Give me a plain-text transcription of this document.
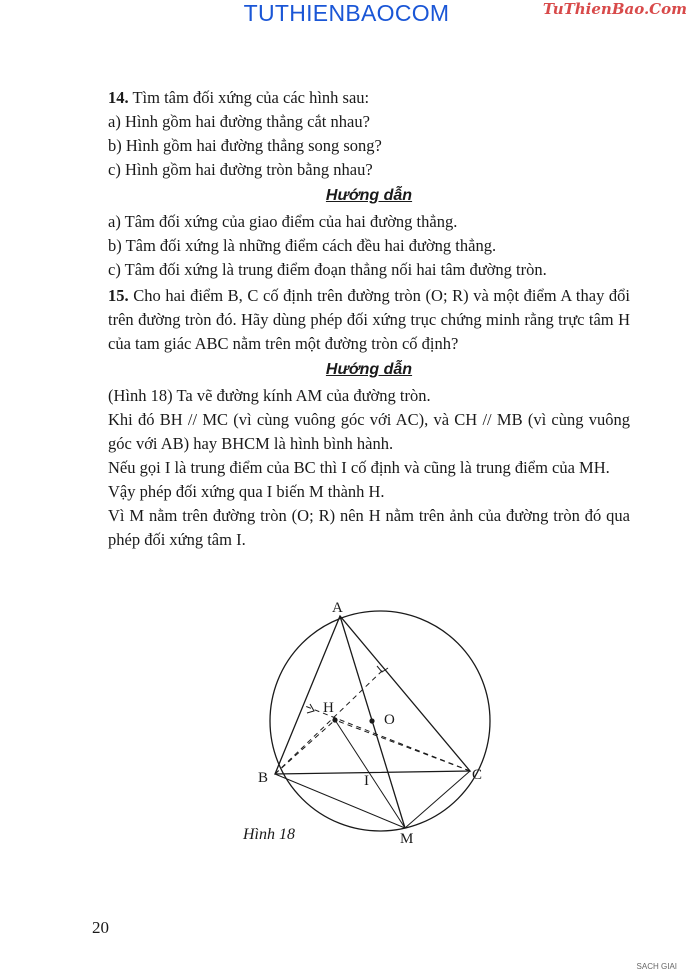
TUTHIENBAOCOM	TuThienBao.Com

14. Tìm tâm đối xứng của các hình sau:

a) Hình gồm hai đường thẳng cắt nhau?

b) Hình gồm hai đường thẳng song song?

c) Hình gồm hai đường tròn bằng nhau?

Hướng dẫn

a) Tâm đối xứng của giao điểm của hai đường thẳng.

b) Tâm đối xứng là những điểm cách đều hai đường thẳng.

c) Tâm đối xứng là trung điểm đoạn thẳng nối hai tâm đường tròn.

15. Cho hai điểm B, C cố định trên đường tròn (O; R) và một điểm A thay đổi trên đường tròn đó. Hãy dùng phép đối xứng trục chứng minh rằng trực tâm H của tam giác ABC nằm trên một đường tròn cố định?

Hướng dẫn

(Hình 18) Ta vẽ đường kính AM của đường tròn.

Khi đó BH // MC (vì cùng vuông góc với AC), và CH // MB (vì cùng vuông góc với AB) hay BHCM là hình bình hành.

Nếu gọi I là trung điểm của BC thì I cố định và cũng là trung điểm của MH.

Vậy phép đối xứng qua I biến M thành H.

Vì M nằm trên đường tròn (O; R) nên H nằm trên ảnh của đường tròn đó qua phép đối xứng tâm I.

A
B	C
H
I
O
M
Hình 18
20
SACH GIAI
